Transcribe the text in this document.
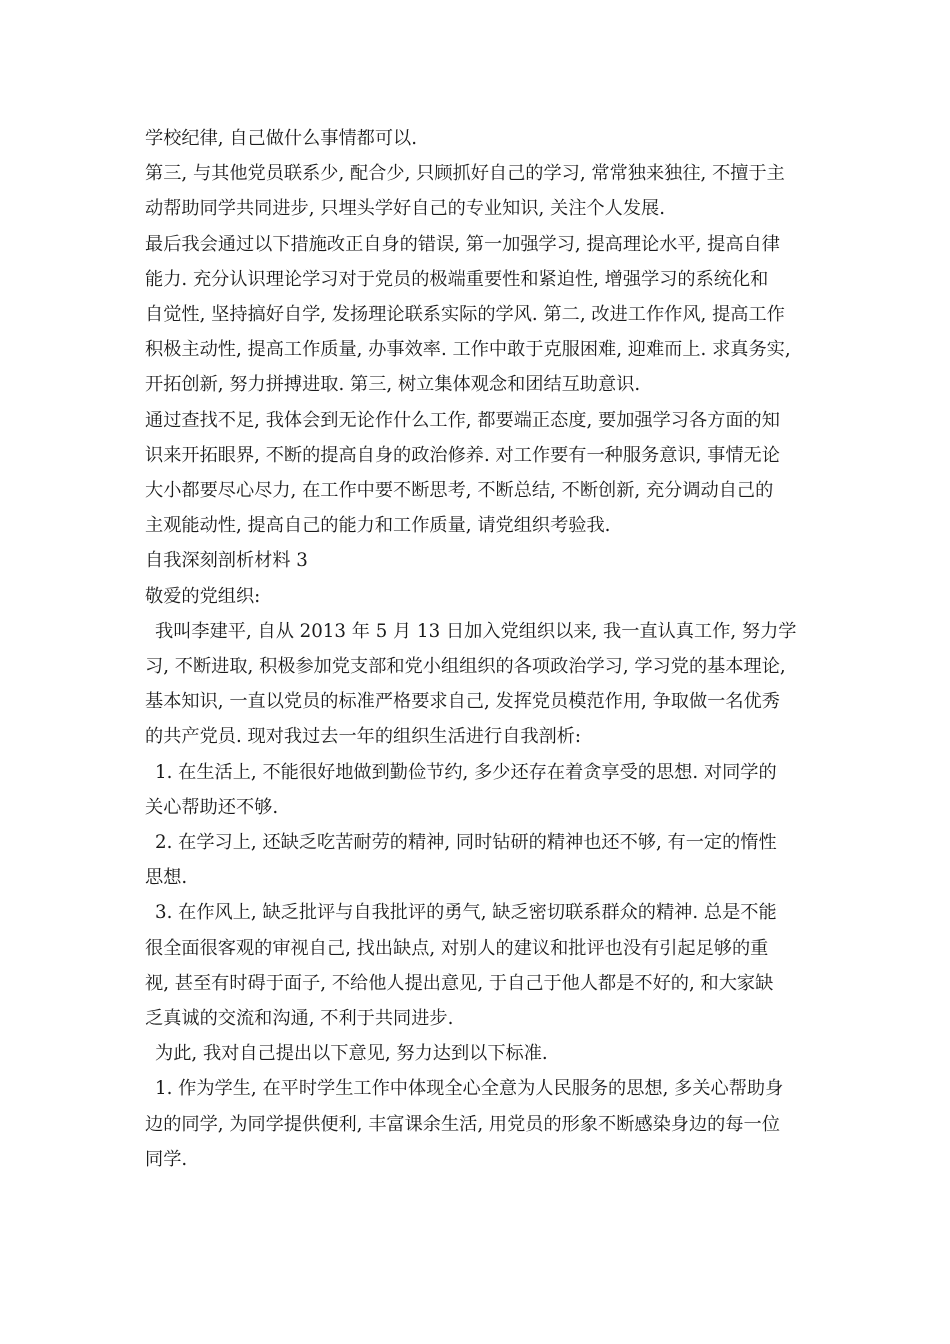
学校纪律, 自己做什么事情都可以.

第三, 与其他党员联系少, 配合少, 只顾抓好自己的学习, 常常独来独往, 不擅于主

动帮助同学共同进步, 只埋头学好自己的专业知识, 关注个人发展.

最后我会通过以下措施改正自身的错误, 第一加强学习, 提高理论水平, 提高自律

能力. 充分认识理论学习对于党员的极端重要性和紧迫性, 增强学习的系统化和

自觉性, 坚持搞好自学, 发扬理论联系实际的学风. 第二, 改进工作作风, 提高工作

积极主动性, 提高工作质量, 办事效率. 工作中敢于克服困难, 迎难而上. 求真务实,

开拓创新, 努力拼搏进取. 第三, 树立集体观念和团结互助意识.

通过查找不足, 我体会到无论作什么工作, 都要端正态度, 要加强学习各方面的知

识来开拓眼界, 不断的提高自身的政治修养. 对工作要有一种服务意识, 事情无论

大小都要尽心尽力, 在工作中要不断思考, 不断总结, 不断创新, 充分调动自己的

主观能动性, 提高自己的能力和工作质量, 请党组织考验我.

自我深刻剖析材料 3

敬爱的党组织:

我叫李建平, 自从 2013 年 5 月 13 日加入党组织以来, 我一直认真工作, 努力学

习, 不断进取, 积极参加党支部和党小组组织的各项政治学习, 学习党的基本理论,

基本知识, 一直以党员的标准严格要求自己, 发挥党员模范作用, 争取做一名优秀

的共产党员. 现对我过去一年的组织生活进行自我剖析:

1. 在生活上, 不能很好地做到勤俭节约, 多少还存在着贪享受的思想. 对同学的

关心帮助还不够.

2. 在学习上, 还缺乏吃苦耐劳的精神, 同时钻研的精神也还不够, 有一定的惰性

思想.

3. 在作风上, 缺乏批评与自我批评的勇气, 缺乏密切联系群众的精神. 总是不能

很全面很客观的审视自己, 找出缺点, 对别人的建议和批评也没有引起足够的重

视, 甚至有时碍于面子, 不给他人提出意见, 于自己于他人都是不好的, 和大家缺

乏真诚的交流和沟通, 不利于共同进步.

为此, 我对自己提出以下意见, 努力达到以下标准.

1. 作为学生, 在平时学生工作中体现全心全意为人民服务的思想, 多关心帮助身

边的同学, 为同学提供便利, 丰富课余生活, 用党员的形象不断感染身边的每一位

同学.
